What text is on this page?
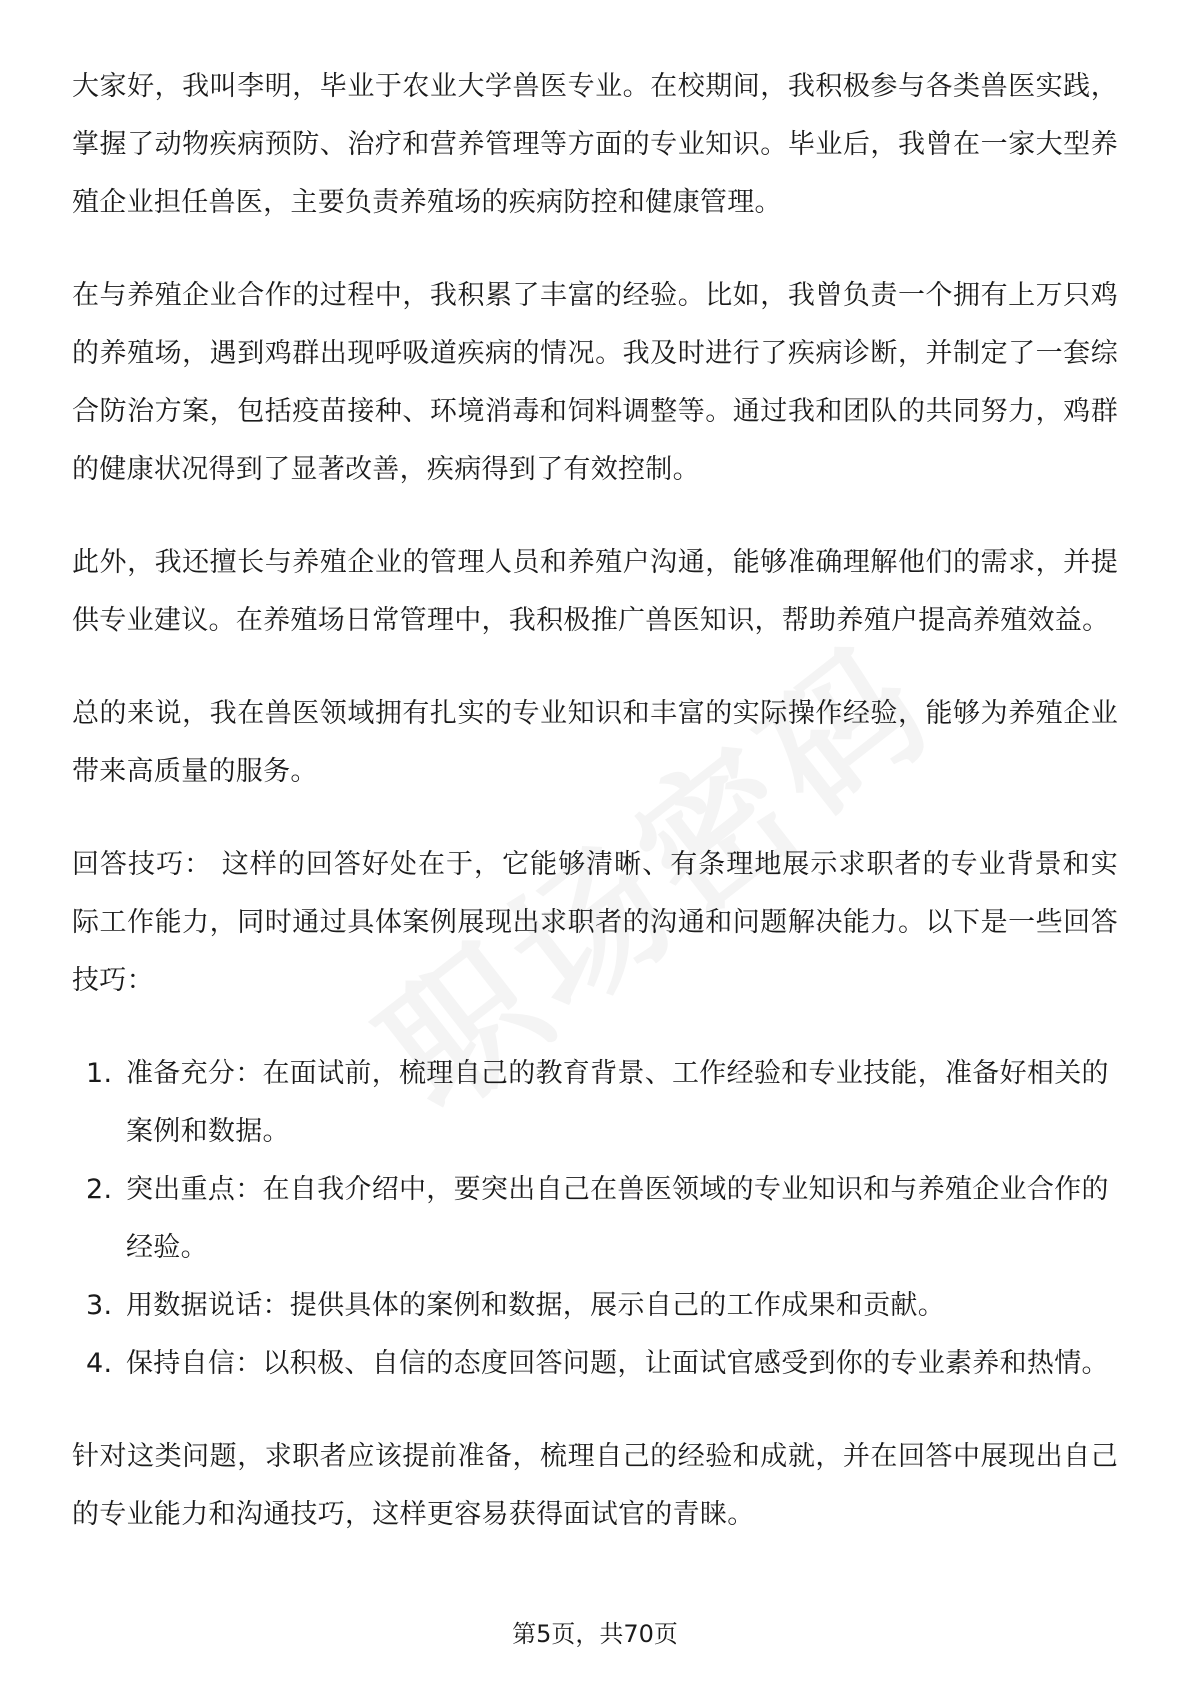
大家好，我叫李明，毕业于农业大学兽医专业。在校期间，我积极参与各类兽医实践，掌握了动物疾病预防、治疗和营养管理等方面的专业知识。毕业后，我曾在一家大型养殖企业担任兽医，主要负责养殖场的疾病防控和健康管理。

在与养殖企业合作的过程中，我积累了丰富的经验。比如，我曾负责一个拥有上万只鸡的养殖场，遇到鸡群出现呼吸道疾病的情况。我及时进行了疾病诊断，并制定了一套综合防治方案，包括疫苗接种、环境消毒和饲料调整等。通过我和团队的共同努力，鸡群的健康状况得到了显著改善，疾病得到了有效控制。

此外，我还擅长与养殖企业的管理人员和养殖户沟通，能够准确理解他们的需求，并提供专业建议。在养殖场日常管理中，我积极推广兽医知识，帮助养殖户提高养殖效益。

总的来说，我在兽医领域拥有扎实的专业知识和丰富的实际操作经验，能够为养殖企业带来高质量的服务。

回答技巧： 这样的回答好处在于，它能够清晰、有条理地展示求职者的专业背景和实际工作能力，同时通过具体案例展现出求职者的沟通和问题解决能力。以下是一些回答技巧：

1. 准备充分：在面试前，梳理自己的教育背景、工作经验和专业技能，准备好相关的案例和数据。
2. 突出重点：在自我介绍中，要突出自己在兽医领域的专业知识和与养殖企业合作的经验。
3. 用数据说话：提供具体的案例和数据，展示自己的工作成果和贡献。
4. 保持自信：以积极、自信的态度回答问题，让面试官感受到你的专业素养和热情。

针对这类问题，求职者应该提前准备，梳理自己的经验和成就，并在回答中展现出自己的专业能力和沟通技巧，这样更容易获得面试官的青睐。

第5页，共70页
